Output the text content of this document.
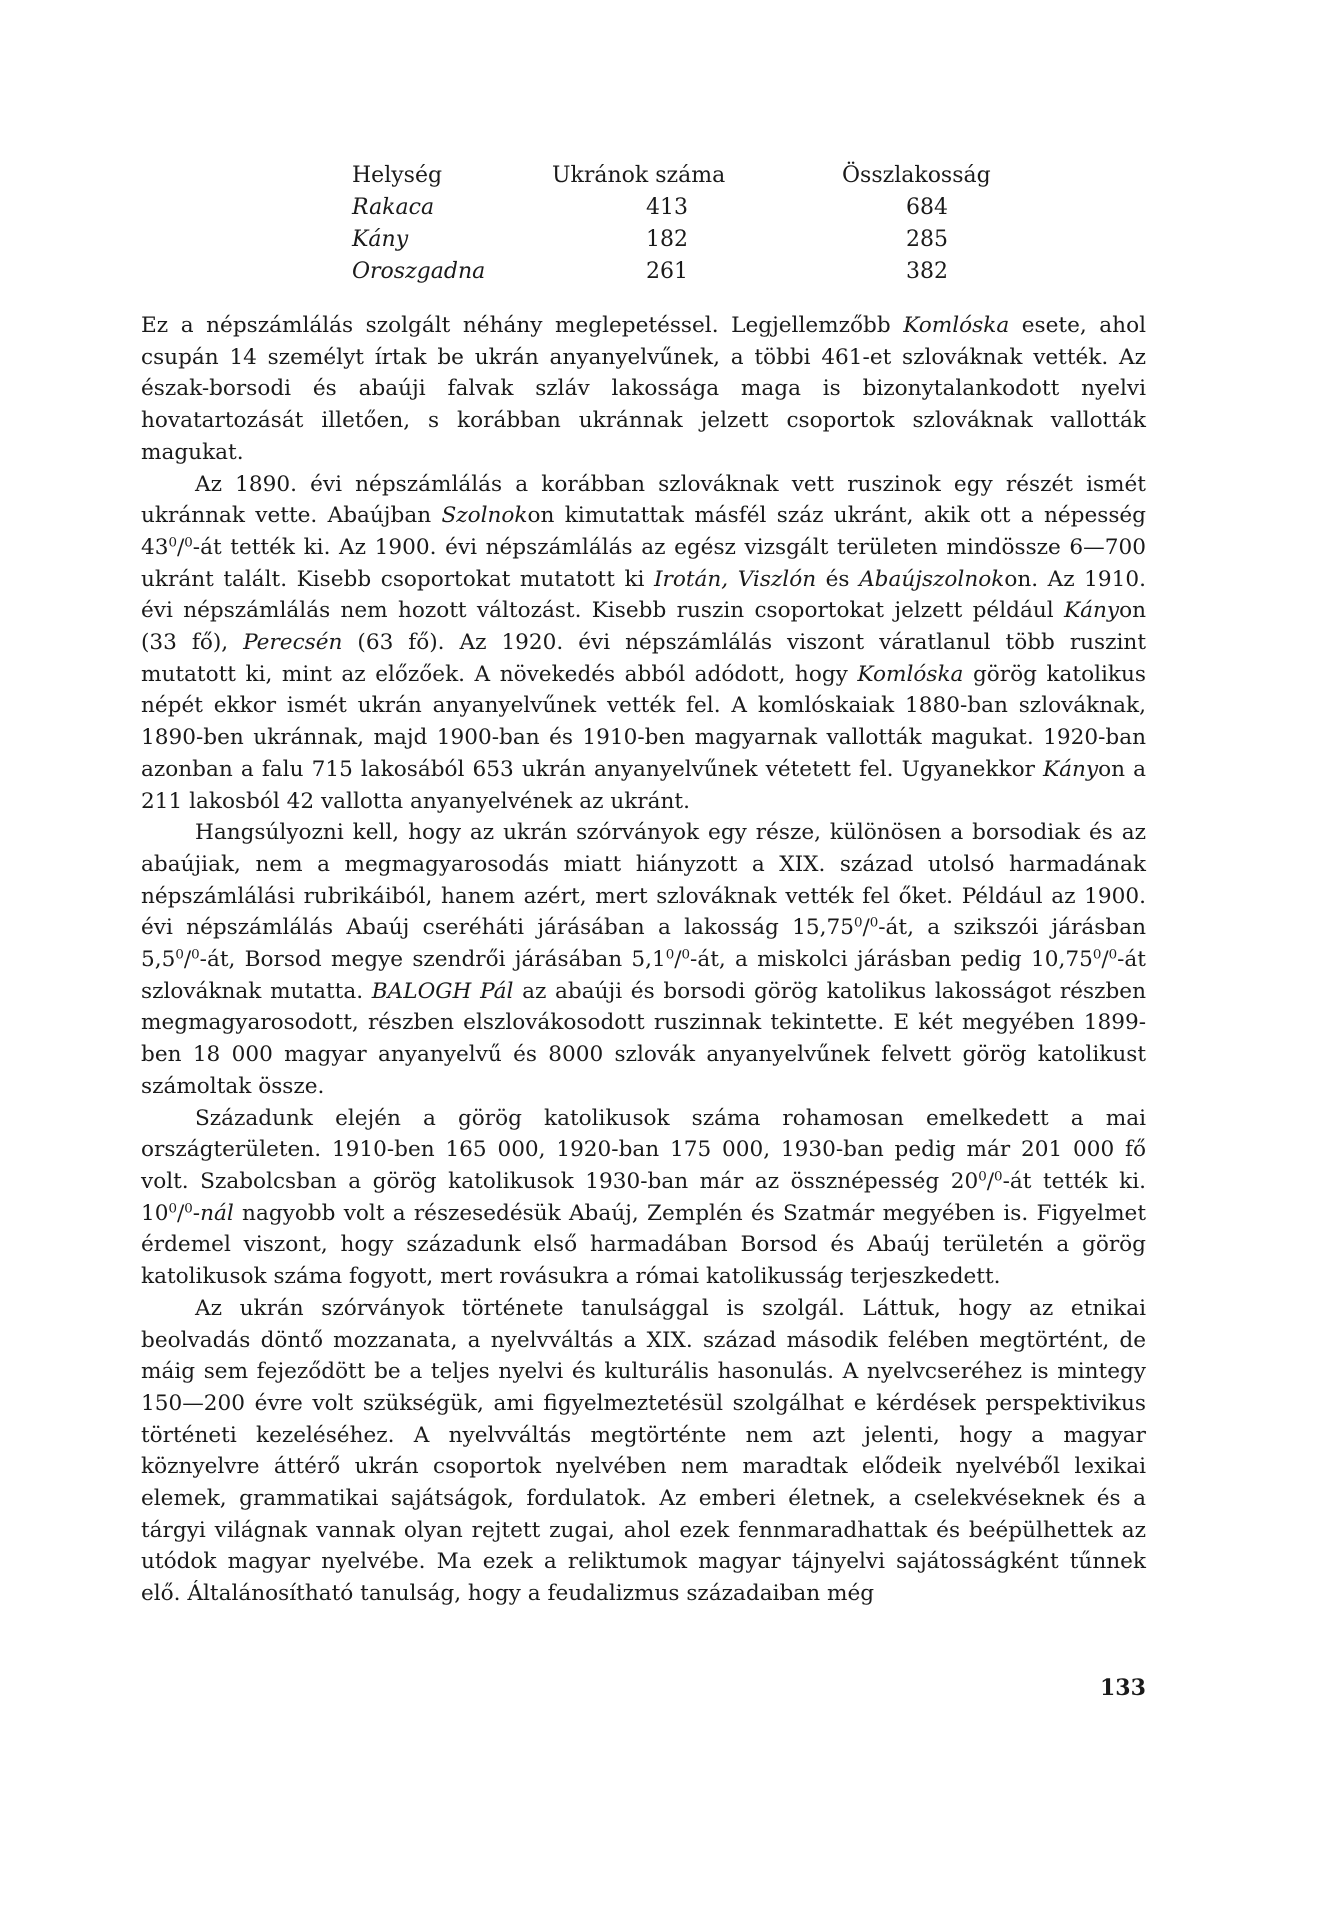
Helység	Ukránok száma	Összlakosság
Rakaca	413	684
Kány	182	285
Oroszgadna	261	382

Ez a népszámlálás szolgált néhány meglepetéssel. Legjellemzőbb Komlóska esete, ahol csupán 14 személyt írtak be ukrán anyanyelvűnek, a többi 461-et szlováknak vették. Az észak-borsodi és abaúji falvak szláv lakossága maga is bizonytalankodott nyelvi hovatartozását illetően, s korábban ukránnak jelzett csoportok szlováknak vallották magukat.

Az 1890. évi népszámlálás a korábban szlováknak vett ruszinok egy részét ismét ukránnak vette. Abaújban Szolnokon kimutattak másfél száz ukránt, akik ott a népesség $43^0/^0-át$ tették ki. Az 1900. évi népszámlálás az egész vizsgált területen mindössze 6—700 ukránt talált. Kisebb csoportokat mutatott ki Irotán, Viszlón és Abaújszolnokon. Az 1910. évi népszámlálás nem hozott változást. Kisebb ruszin csoportokat jelzett például Kányon (33 fő), Perecsén (63 fő). Az 1920. évi népszámlálás viszont váratlanul több ruszint mutatott ki, mint az előzőek. A növekedés abból adódott, hogy Komlóska görög katolikus népét ekkor ismét ukrán anyanyelvűnek vették fel. A komlóskaiak 1880-ban szlováknak, 1890-ben ukránnak, majd 1900-ban és 1910-ben magyarnak vallották magukat. 1920-ban azonban a falu 715 lakosából 653 ukrán anyanyelvűnek vétetett fel. Ugyanekkor Kányon a 211 lakosból 42 vallotta anyanyelvének az ukránt.

Hangsúlyozni kell, hogy az ukrán szórványok egy része, különösen a borsodiak és az abaújiak, nem a megmagyarosodás miatt hiányzott a XIX. század utolsó harmadának népszámlálási rubrikáiból, hanem azért, mert szlováknak vették fel őket. Például az 1900. évi népszámlálás Abaúj cseréháti járásában a lakosság 15,75$^0$/$^0$-át, a szikszói járásban $5,5^0/^0-át$, Borsod megye szendrői járásában $5,1^0/^0-át$, a miskolci járásban pedig 10,75$^0$/$^0$-át szlováknak mutatta. BALOGH Pál az abaúji és borsodi görög katolikus lakosságot részben megmagyarosodott, részben elszlovákosodott ruszinnak tekintette. E két megyében 1899-ben 18 000 magyar anyanyelvű és 8000 szlovák anyanyelvűnek felvett görög katolikust számoltak össze.

Századunk elején a görög katolikusok száma rohamosan emelkedett a mai országterületen. 1910-ben 165 000, 1920-ban 175 000, 1930-ban pedig már 201 000 fő volt. Szabolcsban a görög katolikusok 1930-ban már az össznépesség $20^0/^0-át$ tették ki. $10^0/^0$-nál nagyobb volt a részesedésük Abaúj, Zemplén és Szatmár megyében is. Figyelmet érdemel viszont, hogy századunk első harmadában Borsod és Abaúj területén a görög katolikusok száma fogyott, mert rovásukra a római katolikusság terjeszkedett.

Az ukrán szórványok története tanulsággal is szolgál. Láttuk, hogy az etnikai beolvadás döntő mozzanata, a nyelvváltás a XIX. század második felében megtörtént, de máig sem fejeződött be a teljes nyelvi és kulturális hasonulás. A nyelvcseréhez is mintegy 150—200 évre volt szükségük, ami figyelmeztetésül szolgálhat e kérdések perspektivikus történeti kezeléséhez. A nyelvváltás megtörténte nem azt jelenti, hogy a magyar köznyelvre áttérő ukrán csoportok nyelvében nem maradtak elődeik nyelvéből lexikai elemek, grammatikai sajátságok, fordulatok. Az emberi életnek, a cselekvéseknek és a tárgyi világnak vannak olyan rejtett zugai, ahol ezek fennmaradhattak és beépülhettek az utódok magyar nyelvébe. Ma ezek a reliktumok magyar tájnyelvi sajátosságként tűnnek elő. Általánosítható tanulság, hogy a feudalizmus századaiban még

133
